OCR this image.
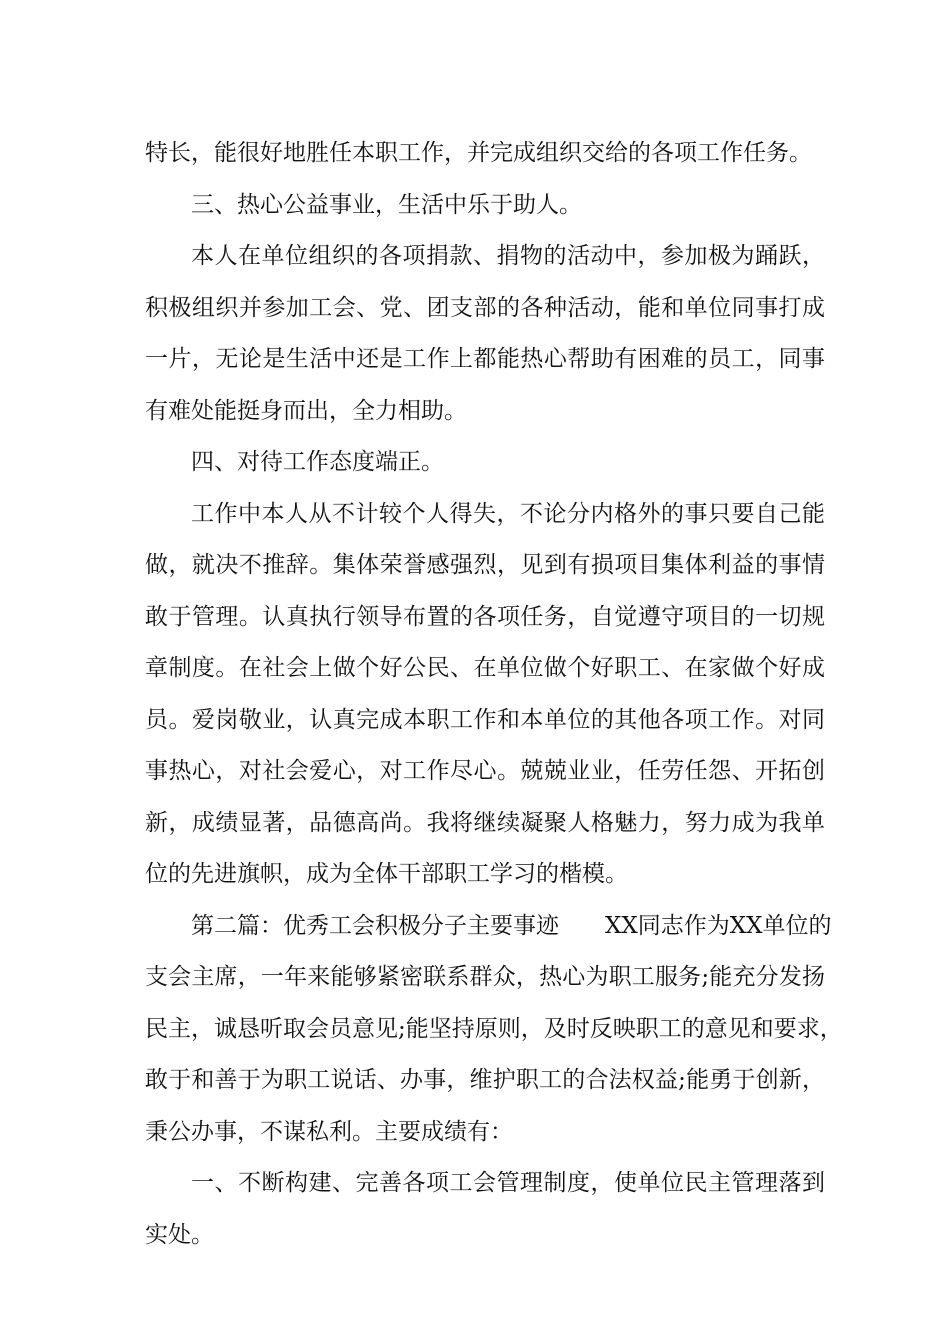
特长，能很好地胜任本职工作，并完成组织交给的各项工作任务。
三、热心公益事业，生活中乐于助人。
本人在单位组织的各项捐款、捐物的活动中，参加极为踊跃，
积极组织并参加工会、党、团支部的各种活动，能和单位同事打成
一片，无论是生活中还是工作上都能热心帮助有困难的员工，同事
有难处能挺身而出，全力相助。
四、对待工作态度端正。
工作中本人从不计较个人得失，不论分内格外的事只要自己能
做，就决不推辞。集体荣誉感强烈，见到有损项目集体利益的事情
敢于管理。认真执行领导布置的各项任务，自觉遵守项目的一切规
章制度。在社会上做个好公民、在单位做个好职工、在家做个好成
员。爱岗敬业，认真完成本职工作和本单位的其他各项工作。对同
事热心，对社会爱心，对工作尽心。兢兢业业，任劳任怨、开拓创
新，成绩显著，品德高尚。我将继续凝聚人格魅力，努力成为我单
位的先进旗帜，成为全体干部职工学习的楷模。
第二篇：优秀工会积极分子主要事迹　　XX同志作为XX单位的
支会主席，一年来能够紧密联系群众，热心为职工服务;能充分发扬
民主，诚恳听取会员意见;能坚持原则，及时反映职工的意见和要求，
敢于和善于为职工说话、办事，维护职工的合法权益;能勇于创新，
秉公办事，不谋私利。主要成绩有：
一、不断构建、完善各项工会管理制度，使单位民主管理落到
实处。
